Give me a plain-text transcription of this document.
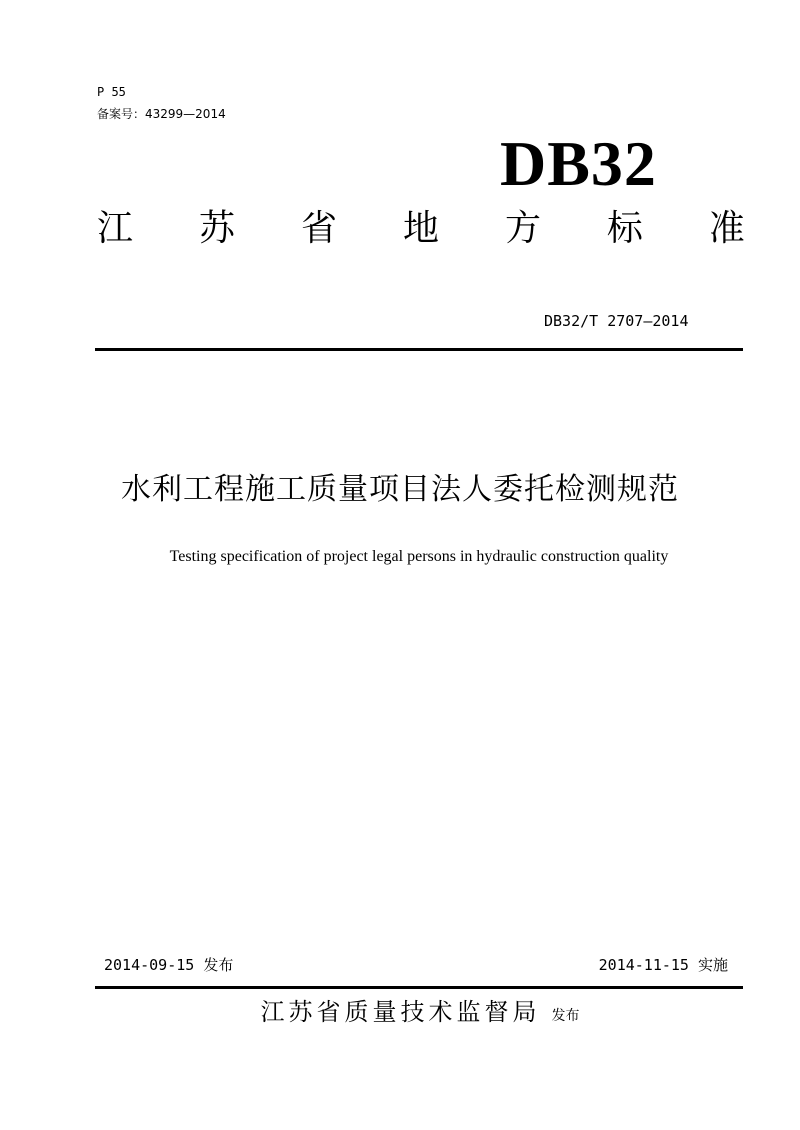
P 55
备案号：43299—2014
DB32
江 苏 省 地 方 标 准
DB32/T 2707—2014
水利工程施工质量项目法人委托检测规范
Testing specification of project legal persons in hydraulic construction quality
2014-09-15 发布	2014-11-15 实施
江苏省质量技术监督局 发布
